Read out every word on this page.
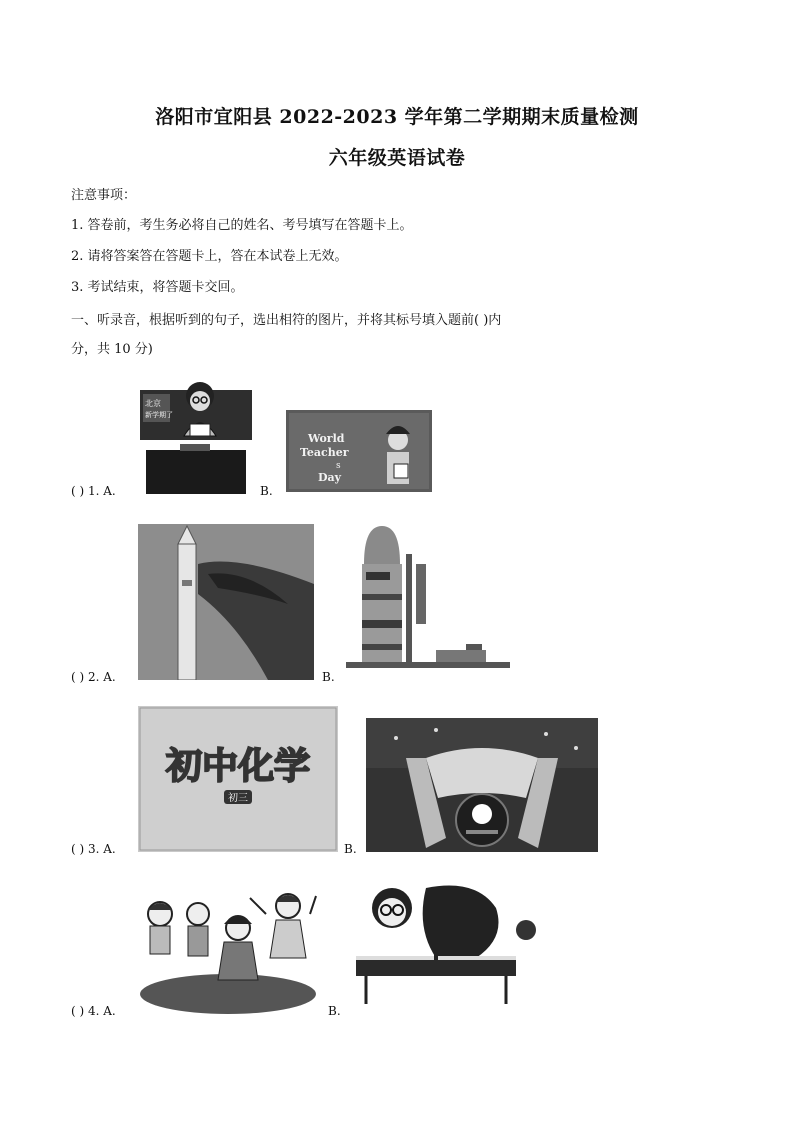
洛阳市宜阳县 2022-2023 学年第二学期期末质量检测
六年级英语试卷
注意事项：
1. 答卷前，考生务必将自己的姓名、考号填写在答题卡上。
2. 请将答案答在答题卡上，答在本试卷上无效。
3. 考试结束，将答题卡交回。
一、听录音，根据听到的句子，选出相符的图片，并将其标号填入题前( )内
分，共 10 分)
( ) 1. A.
北京
新学期了
B.
World
Teacher
s
Day
( ) 2. A.	B.
( ) 3. A.
初中化学
初三
B.
( ) 4. A.	B.
